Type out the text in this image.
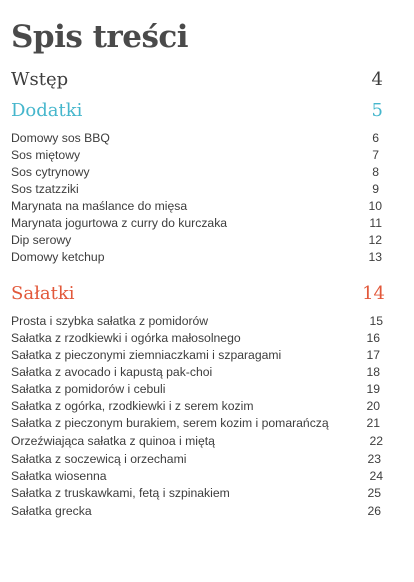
Spis treści
Wstęp	4
Dodatki	5
Domowy sos BBQ	6
Sos miętowy	7
Sos cytrynowy	8
Sos tzatzziki	9
Marynata na maślance do mięsa	10
Marynata jogurtowa z curry do kurczaka	11
Dip serowy	12
Domowy ketchup	13
Sałatki	14
Prosta i szybka sałatka z pomidorów	15
Sałatka z rzodkiewki i ogórka małosolnego	16
Sałatka z pieczonymi ziemniaczkami i szparagami	17
Sałatka z avocado i kapustą pak-choi	18
Sałatka z pomidorów i cebuli	19
Sałatka z ogórka, rzodkiewki i z serem kozim	20
Sałatka z pieczonym burakiem, serem kozim i pomarańczą	21
Orzeźwiająca sałatka z quinoa i miętą	22
Sałatka z soczewicą i orzechami	23
Sałatka wiosenna	24
Sałatka z truskawkami, fetą i szpinakiem	25
Sałatka grecka	26
